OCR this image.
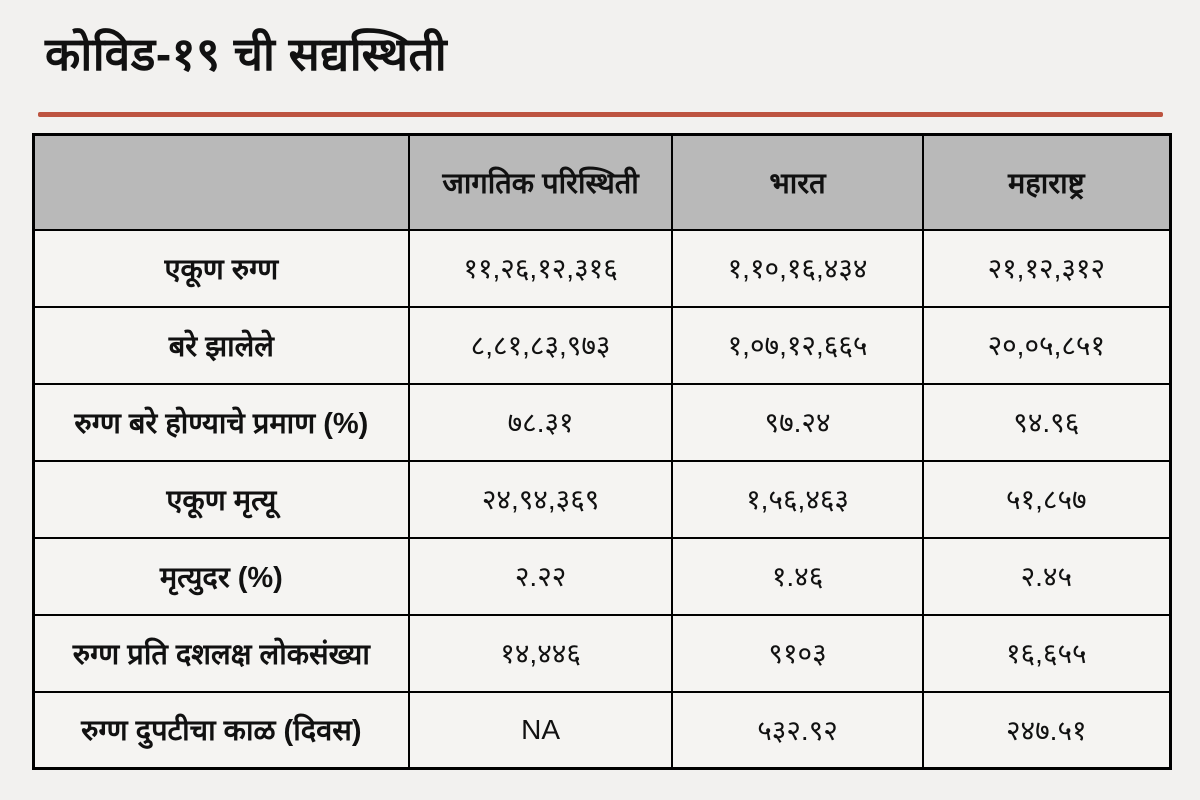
कोविड-१९ ची सद्यस्थिती
	जागतिक परिस्थिती	भारत	महाराष्ट्र
एकूण रुग्ण	११,२६,१२,३१६	१,१०,१६,४३४	२१,१२,३१२
बरे झालेले	८,८१,८३,९७३	१,०७,१२,६६५	२०,०५,८५१
रुग्ण बरे होण्याचे प्रमाण (%)	७८.३१	९७.२४	९४.९६
एकूण मृत्यू	२४,९४,३६९	१,५६,४६३	५१,८५७
मृत्युदर (%)	२.२२	१.४६	२.४५
रुग्ण प्रति दशलक्ष लोकसंख्या	१४,४४६	९१०३	१६,६५५
रुग्ण दुपटीचा काळ (दिवस)	NA	५३२.९२	२४७.५१
